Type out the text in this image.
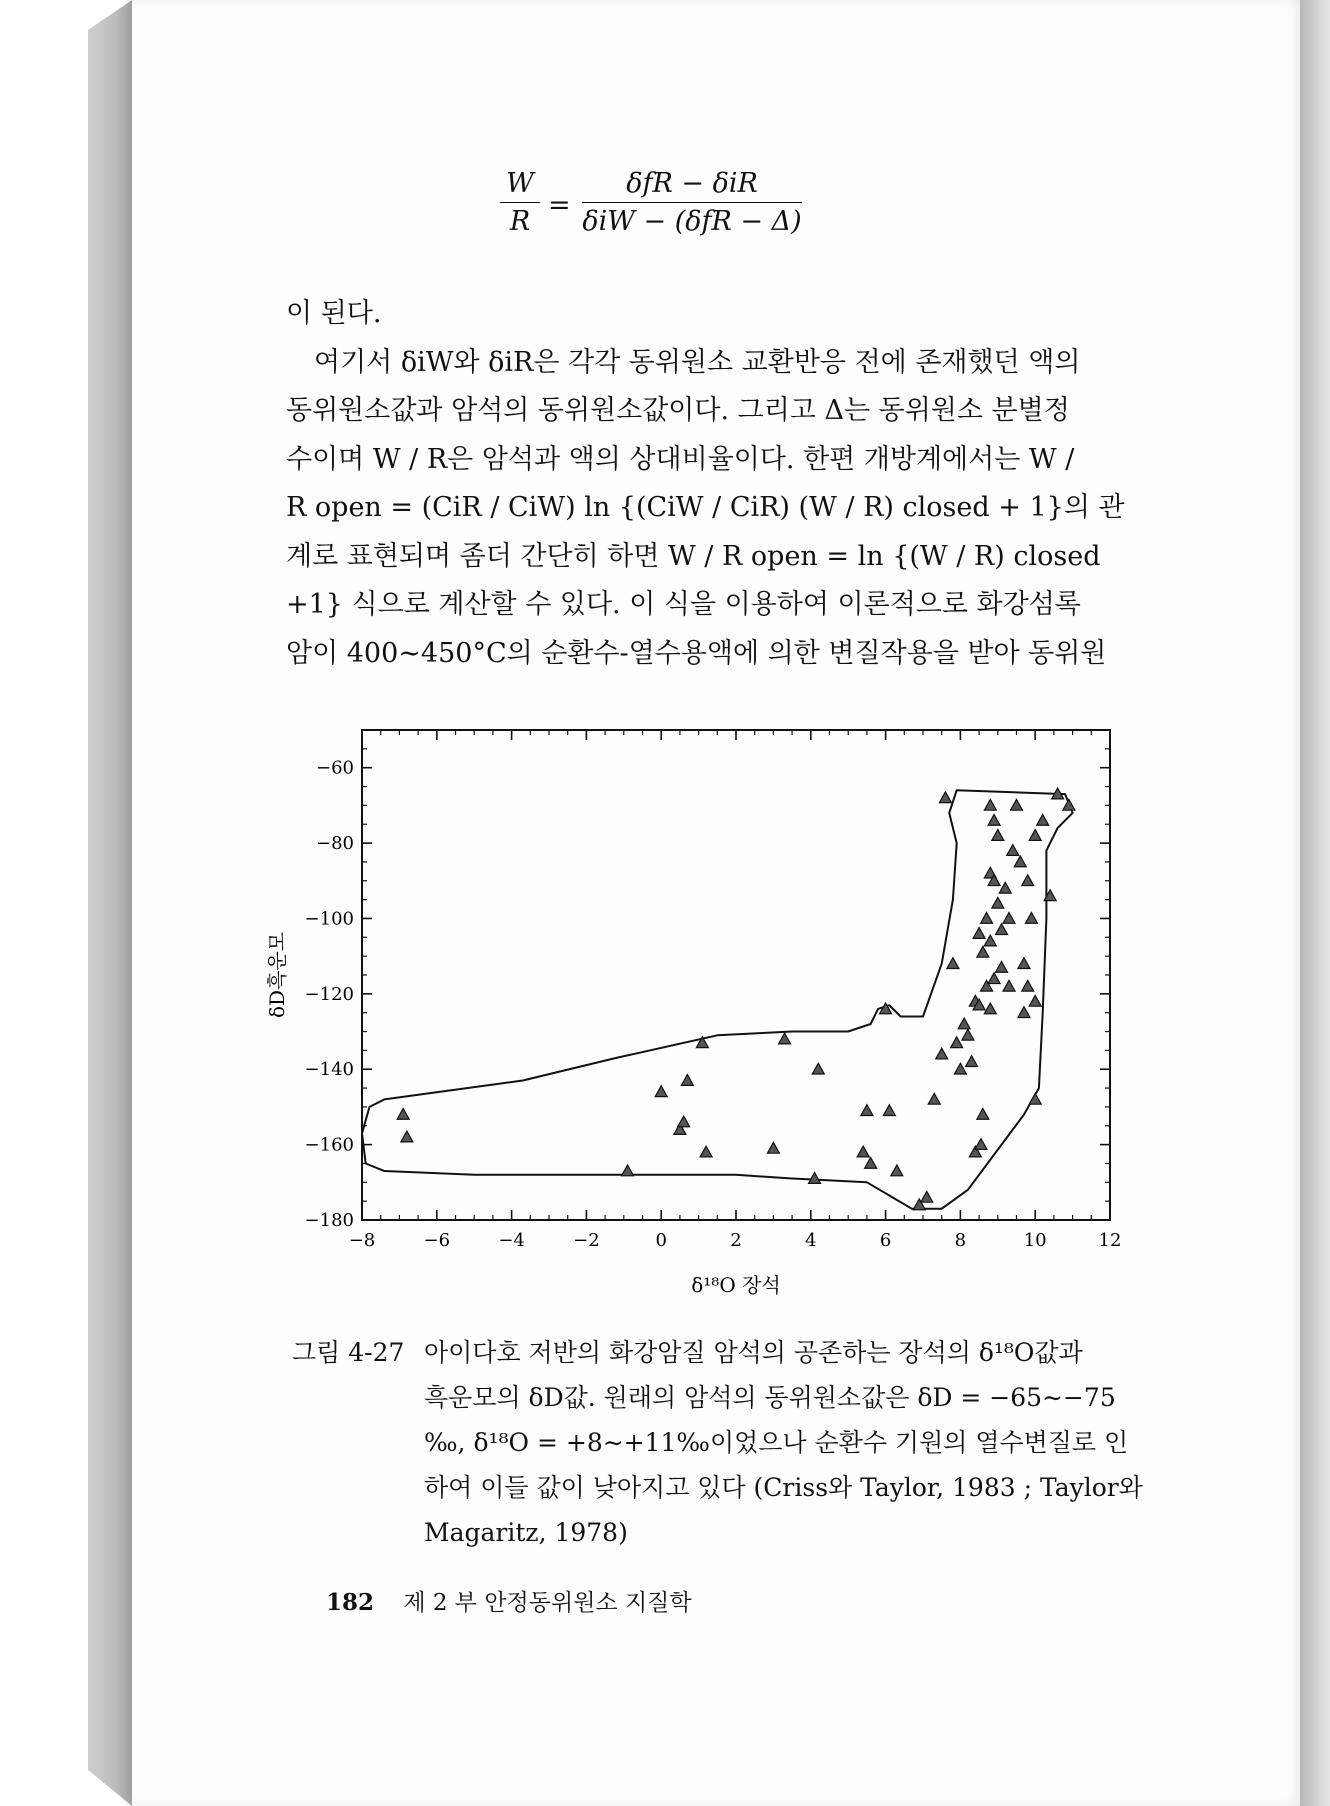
W
R
=
δfR − δiR
δiW − (δfR − Δ)

이 된다.

여기서 δiW와 δiR은 각각 동위원소 교환반응 전에 존재했던 액의

동위원소값과 암석의 동위원소값이다. 그리고 Δ는 동위원소 분별정

수이며 W / R은 암석과 액의 상대비율이다. 한편 개방계에서는 W /

R open = (CiR / CiW) ln {(CiW / CiR) (W / R) closed + 1}의 관

계로 표현되며 좀더 간단히 하면 W / R open = ln {(W / R) closed

+1} 식으로 계산할 수 있다. 이 식을 이용하여 이론적으로 화강섬록

암이 400∼450°C의 순환수-열수용액에 의한 변질작용을 받아 동위원

−8	−6	−4	−2	0	2	4	6	8	10	12
−60
−80
−100
−120
−140
−160
−180
δ¹⁸O 장석
δD흑운모
그림 4-27 아이다호 저반의 화강암질 암석의 공존하는 장석의 δ¹⁸O값과
흑운모의 δD값. 원래의 암석의 동위원소값은 δD = −65∼−75
‰, δ¹⁸O = +8∼+11‰이었으나 순환수 기원의 열수변질로 인
하여 이들 값이 낮아지고 있다 (Criss와 Taylor, 1983 ; Taylor와
Magaritz, 1978)
182 제 2 부 안정동위원소 지질학
